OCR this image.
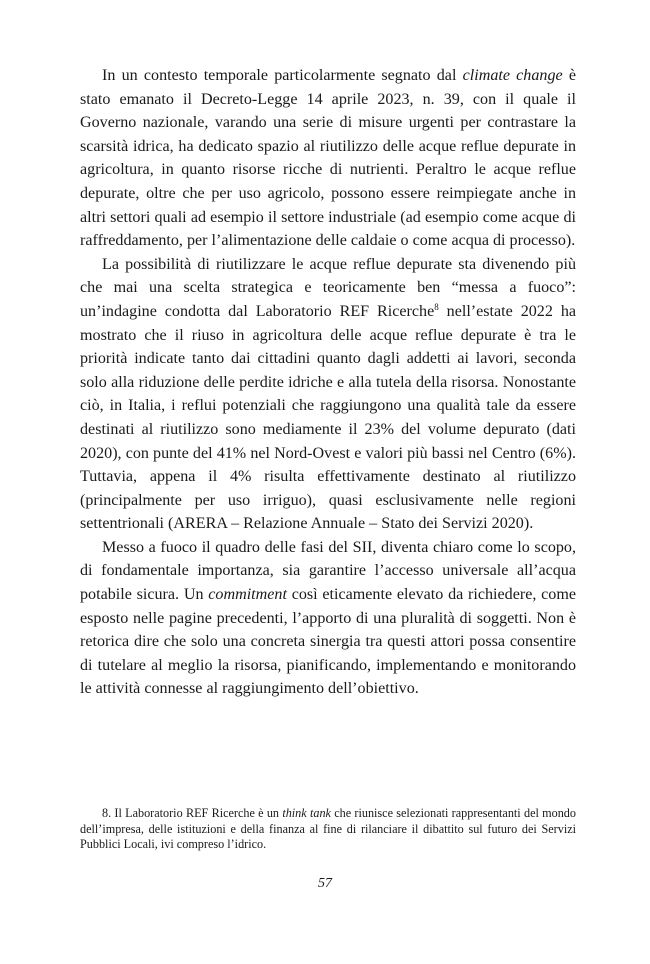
In un contesto temporale particolarmente segnato dal climate change è stato emanato il Decreto-Legge 14 aprile 2023, n. 39, con il quale il Governo nazionale, varando una serie di misure urgenti per contrastare la scarsità idrica, ha dedicato spazio al riutilizzo delle acque reflue depurate in agricoltura, in quanto risorse ricche di nutrienti. Peraltro le acque reflue depurate, oltre che per uso agricolo, possono essere reimpiegate anche in altri settori quali ad esempio il settore industriale (ad esempio come acque di raffreddamento, per l’alimentazione delle caldaie o come acqua di processo).

La possibilità di riutilizzare le acque reflue depurate sta divenendo più che mai una scelta strategica e teoricamente ben “messa a fuoco”: un’indagine condotta dal Laboratorio REF Ricerche$^8$ nell’estate 2022 ha mostrato che il riuso in agricoltura delle acque reflue depurate è tra le priorità indicate tanto dai cittadini quanto dagli addetti ai lavori, seconda solo alla riduzione delle perdite idriche e alla tutela della risorsa. Nonostante ciò, in Italia, i reflui potenziali che raggiungono una qualità tale da essere destinati al riutilizzo sono mediamente il 23% del volume depurato (dati 2020), con punte del 41% nel Nord-Ovest e valori più bassi nel Centro (6%). Tuttavia, appena il 4% risulta effettivamente destinato al riutilizzo (principalmente per uso irriguo), quasi esclusivamente nelle regioni settentrionali (ARERA – Relazione Annuale – Stato dei Servizi 2020).

Messo a fuoco il quadro delle fasi del SII, diventa chiaro come lo scopo, di fondamentale importanza, sia garantire l’accesso universale all’acqua potabile sicura. Un commitment così eticamente elevato da richiedere, come esposto nelle pagine precedenti, l’apporto di una pluralità di soggetti. Non è retorica dire che solo una concreta sinergia tra questi attori possa consentire di tutelare al meglio la risorsa, pianificando, implementando e monitorando le attività connesse al raggiungimento dell’obiettivo.

8. Il Laboratorio REF Ricerche è un think tank che riunisce selezionati rappresentanti del mondo dell’impresa, delle istituzioni e della finanza al fine di rilanciare il dibattito sul futuro dei Servizi Pubblici Locali, ivi compreso l’idrico.

57
